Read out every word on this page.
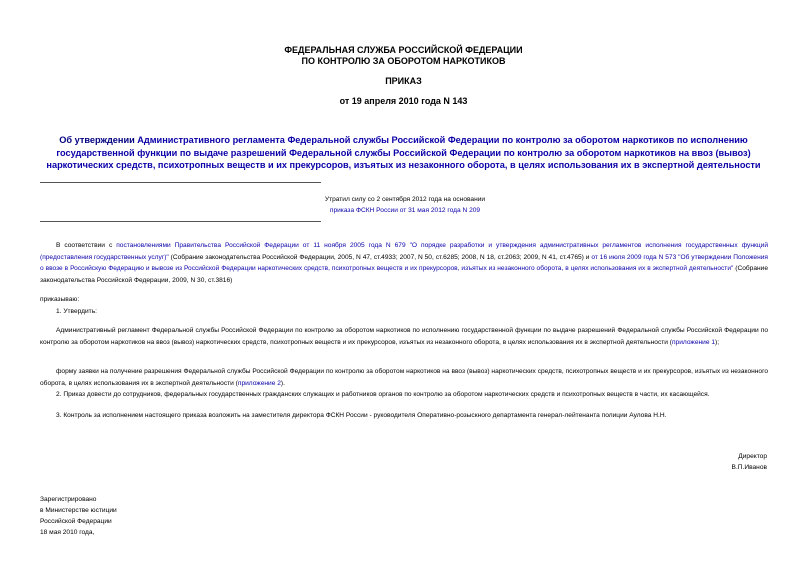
ФЕДЕРАЛЬНАЯ СЛУЖБА РОССИЙСКОЙ ФЕДЕРАЦИИ
ПО КОНТРОЛЮ ЗА ОБОРОТОМ НАРКОТИКОВ
ПРИКАЗ
от 19 апреля 2010 года N 143
Об утверждении Административного регламента Федеральной службы Российской Федерации по контролю за оборотом наркотиков по исполнению государственной функции по выдаче разрешений Федеральной службы Российской Федерации по контролю за оборотом наркотиков на ввоз (вывоз) наркотических средств, психотропных веществ и их прекурсоров, изъятых из незаконного оборота, в целях использования их в экспертной деятельности
Утратил силу со 2 сентября 2012 года на основании
приказа ФСКН России от 31 мая 2012 года N 209
В соответствии с постановлениями Правительства Российской Федерации от 11 ноября 2005 года N 679 "О порядке разработки и утверждения административных регламентов исполнения государственных функций (предоставления государственных услуг)" (Собрание законодательства Российской Федерации, 2005, N 47, ст.4933; 2007, N 50, ст.6285; 2008, N 18, ст.2063; 2009, N 41, ст.4765) и от 16 июля 2009 года N 573 "Об утверждении Положения о ввозе в Российскую Федерацию и вывозе из Российской Федерации наркотических средств, психотропных веществ и их прекурсоров, изъятых из незаконного оборота, в целях использования их в экспертной деятельности" (Собрание законодательства Российской Федерации, 2009, N 30, ст.3816)
приказываю:
1. Утвердить:
Административный регламент Федеральной службы Российской Федерации по контролю за оборотом наркотиков по исполнению государственной функции по выдаче разрешений Федеральной службы Российской Федерации по контролю за оборотом наркотиков на ввоз (вывоз) наркотических средств, психотропных веществ и их прекурсоров, изъятых из незаконного оборота, в целях использования их в экспертной деятельности (приложение 1);
форму заявки на получение разрешения Федеральной службы Российской Федерации по контролю за оборотом наркотиков на ввоз (вывоз) наркотических средств, психотропных веществ и их прекурсоров, изъятых из незаконного оборота, в целях использования их в экспертной деятельности (приложение 2).
2. Приказ довести до сотрудников, федеральных государственных гражданских служащих и работников органов по контролю за оборотом наркотических средств и психотропных веществ в части, их касающейся.
3. Контроль за исполнением настоящего приказа возложить на заместителя директора ФСКН России - руководителя Оперативно-розыскного департамента генерал-лейтенанта полиции Аулова Н.Н.
Директор
В.П.Иванов
Зарегистрировано
в Министерстве юстиции
Российской Федерации
18 мая 2010 года,
